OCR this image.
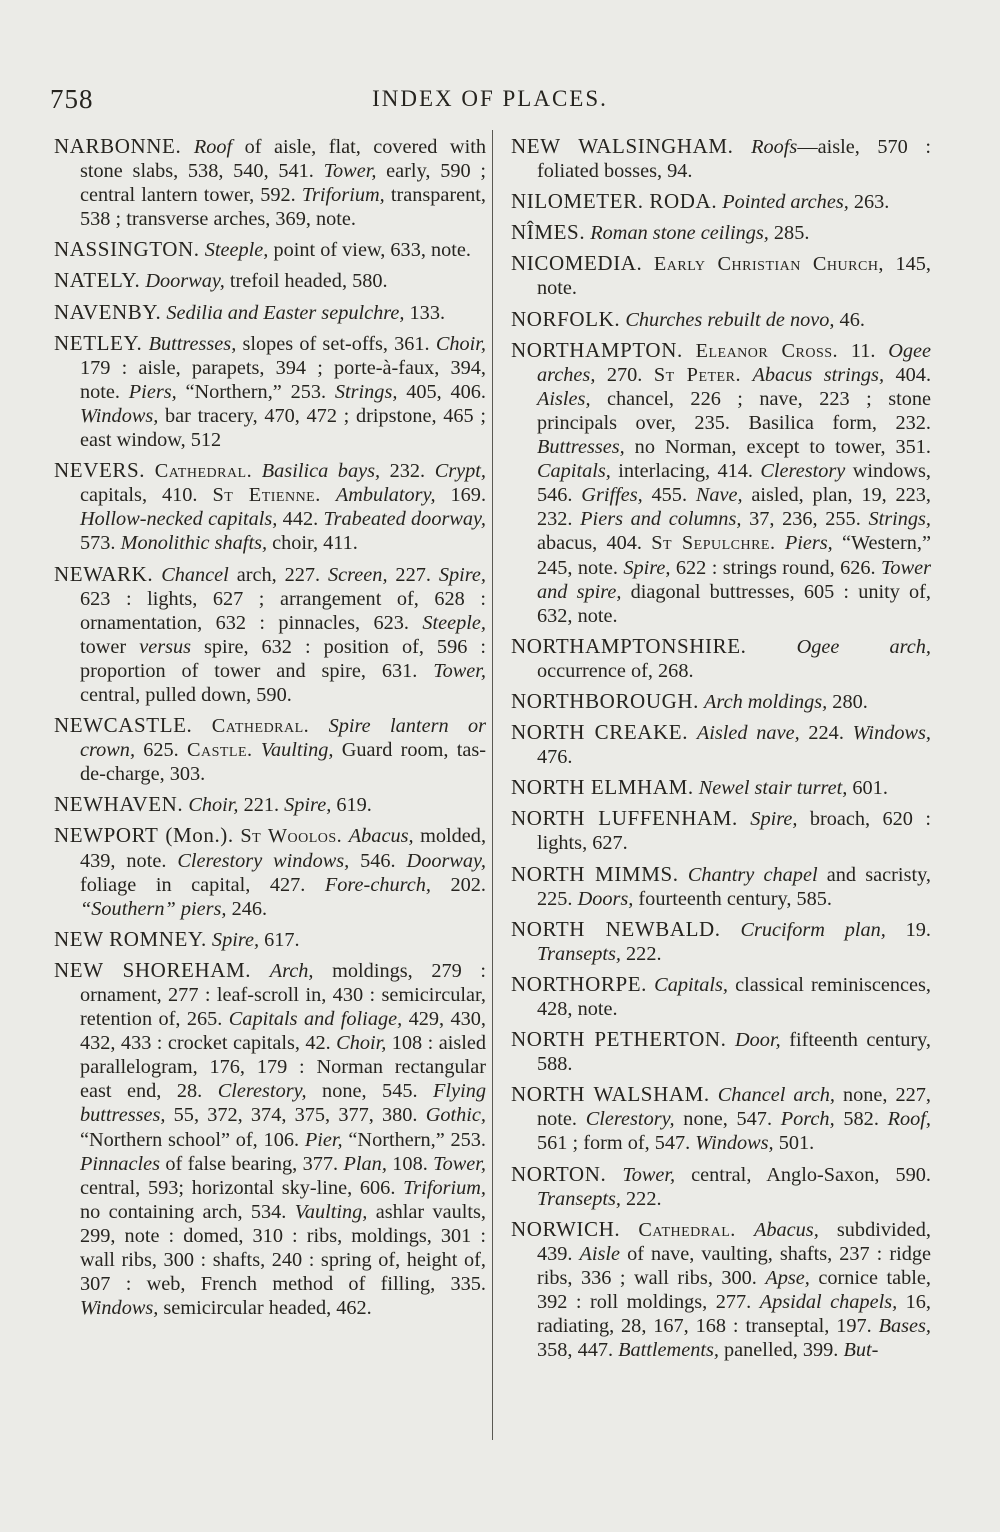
758	INDEX OF PLACES.

NARBONNE. Roof of aisle, flat, covered with stone slabs, 538, 540, 541. Tower, early, 590 ; central lantern tower, 592. Triforium, transparent, 538 ; transverse arches, 369, note.

NASSINGTON. Steeple, point of view, 633, note.

NATELY. Doorway, trefoil headed, 580.

NAVENBY. Sedilia and Easter sepulchre, 133.

NETLEY. Buttresses, slopes of set-offs, 361. Choir, 179 : aisle, parapets, 394 ; porte-à-faux, 394, note. Piers, “Northern,” 253. Strings, 405, 406. Windows, bar tracery, 470, 472 ; dripstone, 465 ; east window, 512

NEVERS. Cathedral. Basilica bays, 232. Crypt, capitals, 410. St Etienne. Ambulatory, 169. Hollow-necked capitals, 442. Trabeated doorway, 573. Monolithic shafts, choir, 411.

NEWARK. Chancel arch, 227. Screen, 227. Spire, 623 : lights, 627 ; arrangement of, 628 : ornamentation, 632 : pinnacles, 623. Steeple, tower versus spire, 632 : position of, 596 : proportion of tower and spire, 631. Tower, central, pulled down, 590.

NEWCASTLE. Cathedral. Spire lantern or crown, 625. Castle. Vaulting, Guard room, tas-de-charge, 303.

NEWHAVEN. Choir, 221. Spire, 619.

NEWPORT (Mon.). St Woolos. Abacus, molded, 439, note. Clerestory windows, 546. Doorway, foliage in capital, 427. Fore-church, 202. “Southern” piers, 246.

NEW ROMNEY. Spire, 617.

NEW SHOREHAM. Arch, moldings, 279 : ornament, 277 : leaf-scroll in, 430 : semicircular, retention of, 265. Capitals and foliage, 429, 430, 432, 433 : crocket capitals, 42. Choir, 108 : aisled parallelogram, 176, 179 : Norman rectangular east end, 28. Clerestory, none, 545. Flying buttresses, 55, 372, 374, 375, 377, 380. Gothic, “Northern school” of, 106. Pier, “Northern,” 253. Pinnacles of false bearing, 377. Plan, 108. Tower, central, 593; horizontal sky-line, 606. Triforium, no containing arch, 534. Vaulting, ashlar vaults, 299, note : domed, 310 : ribs, moldings, 301 : wall ribs, 300 : shafts, 240 : spring of, height of, 307 : web, French method of filling, 335. Windows, semicircular headed, 462.

NEW WALSINGHAM. Roofs—aisle, 570 : foliated bosses, 94.

NILOMETER. RODA. Pointed arches, 263.

NÎMES. Roman stone ceilings, 285.

NICOMEDIA. Early Christian Church, 145, note.

NORFOLK. Churches rebuilt de novo, 46.

NORTHAMPTON. Eleanor Cross. 11. Ogee arches, 270. St Peter. Abacus strings, 404. Aisles, chancel, 226 ; nave, 223 ; stone principals over, 235. Basilica form, 232. Buttresses, no Norman, except to tower, 351. Capitals, interlacing, 414. Clerestory windows, 546. Griffes, 455. Nave, aisled, plan, 19, 223, 232. Piers and columns, 37, 236, 255. Strings, abacus, 404. St Sepulchre. Piers, “Western,” 245, note. Spire, 622 : strings round, 626. Tower and spire, diagonal buttresses, 605 : unity of, 632, note.

NORTHAMPTONSHIRE. Ogee arch, occurrence of, 268.

NORTHBOROUGH. Arch moldings, 280.

NORTH CREAKE. Aisled nave, 224. Windows, 476.

NORTH ELMHAM. Newel stair turret, 601.

NORTH LUFFENHAM. Spire, broach, 620 : lights, 627.

NORTH MIMMS. Chantry chapel and sacristy, 225. Doors, fourteenth century, 585.

NORTH NEWBALD. Cruciform plan, 19. Transepts, 222.

NORTHORPE. Capitals, classical reminiscences, 428, note.

NORTH PETHERTON. Door, fifteenth century, 588.

NORTH WALSHAM. Chancel arch, none, 227, note. Clerestory, none, 547. Porch, 582. Roof, 561 ; form of, 547. Windows, 501.

NORTON. Tower, central, Anglo-Saxon, 590. Transepts, 222.

NORWICH. Cathedral. Abacus, subdivided, 439. Aisle of nave, vaulting, shafts, 237 : ridge ribs, 336 ; wall ribs, 300. Apse, cornice table, 392 : roll moldings, 277. Apsidal chapels, 16, radiating, 28, 167, 168 : transeptal, 197. Bases, 358, 447. Battlements, panelled, 399. But-
